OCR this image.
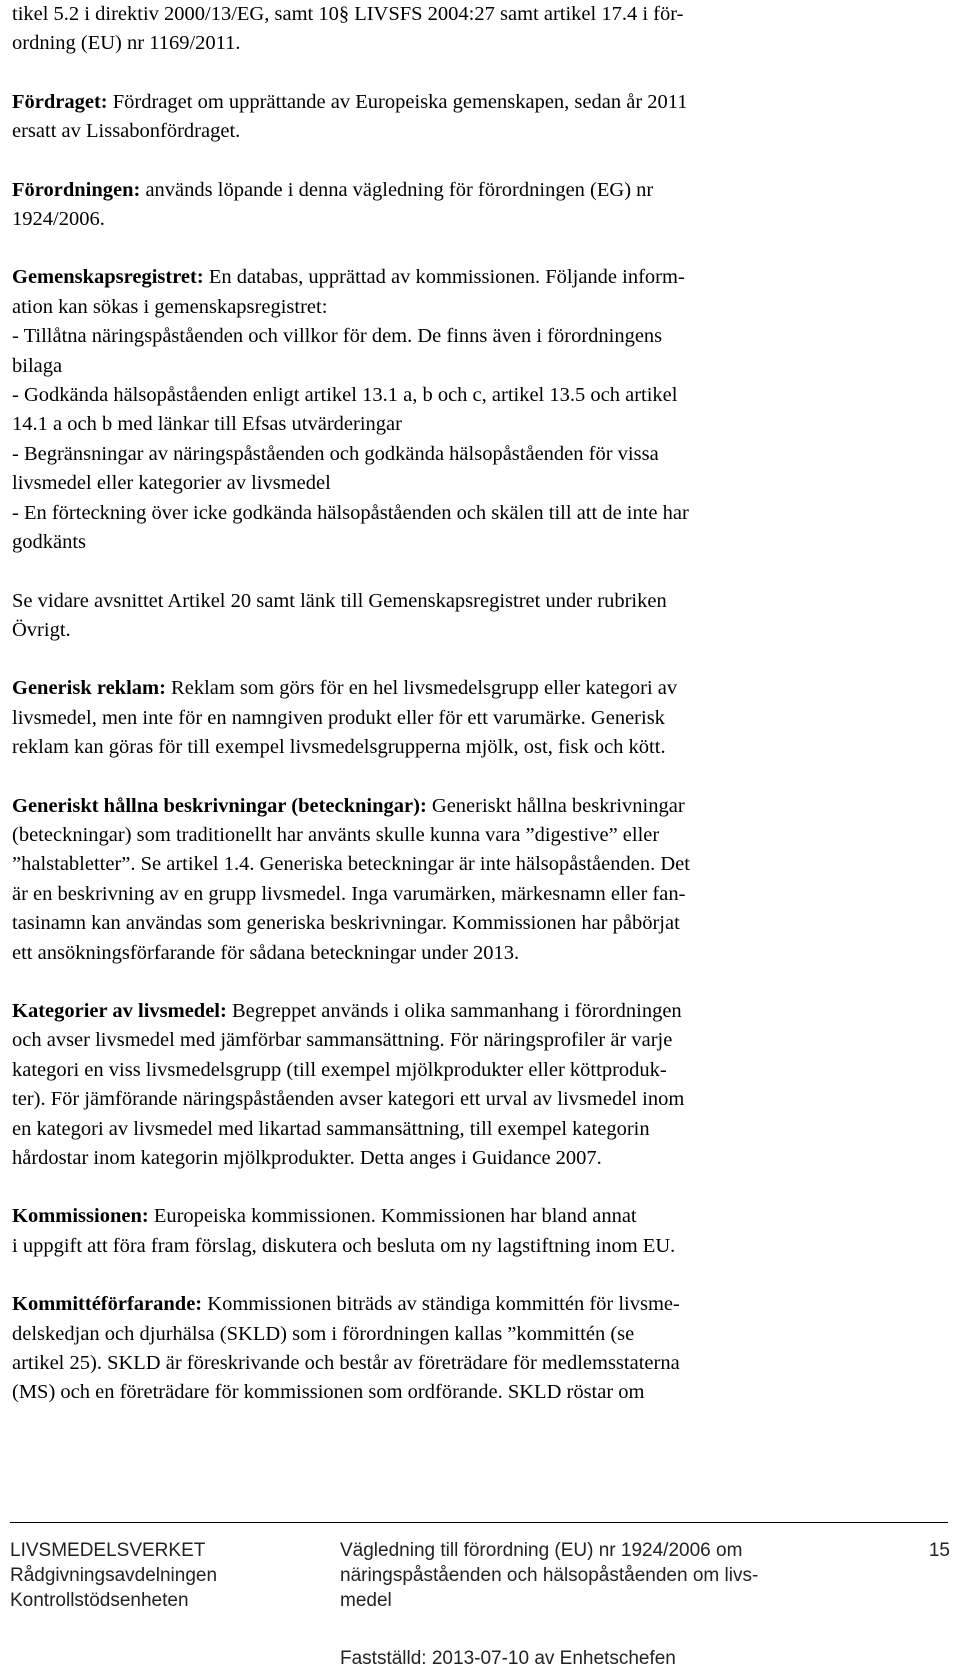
tikel 5.2 i direktiv 2000/13/EG, samt 10§ LIVSFS 2004:27 samt artikel 17.4 i för-

ordning (EU) nr 1169/2011.

Fördraget: Fördraget om upprättande av Europeiska gemenskapen, sedan år 2011

ersatt av Lissabonfördraget.

Förordningen: används löpande i denna vägledning för förordningen (EG) nr

1924/2006.

Gemenskapsregistret: En databas, upprättad av kommissionen. Följande inform-

ation kan sökas i gemenskapsregistret:

- Tillåtna näringspåståenden och villkor för dem. De finns även i förordningens

bilaga

- Godkända hälsopåståenden enligt artikel 13.1 a, b och c, artikel 13.5 och artikel

14.1 a och b med länkar till Efsas utvärderingar

- Begränsningar av näringspåståenden och godkända hälsopåståenden för vissa

livsmedel eller kategorier av livsmedel

- En förteckning över icke godkända hälsopåståenden och skälen till att de inte har

godkänts

Se vidare avsnittet Artikel 20 samt länk till Gemenskapsregistret under rubriken

Övrigt.

Generisk reklam: Reklam som görs för en hel livsmedelsgrupp eller kategori av

livsmedel, men inte för en namngiven produkt eller för ett varumärke. Generisk

reklam kan göras för till exempel livsmedelsgrupperna mjölk, ost, fisk och kött.

Generiskt hållna beskrivningar (beteckningar): Generiskt hållna beskrivningar

(beteckningar) som traditionellt har använts skulle kunna vara ”digestive” eller

”halstabletter”. Se artikel 1.4. Generiska beteckningar är inte hälsopåståenden. Det

är en beskrivning av en grupp livsmedel. Inga varumärken, märkesnamn eller fan-

tasinamn kan användas som generiska beskrivningar. Kommissionen har påbörjat

ett ansökningsförfarande för sådana beteckningar under 2013.

Kategorier av livsmedel: Begreppet används i olika sammanhang i förordningen

och avser livsmedel med jämförbar sammansättning. För näringsprofiler är varje

kategori en viss livsmedelsgrupp (till exempel mjölkprodukter eller köttproduk-

ter). För jämförande näringspåståenden avser kategori ett urval av livsmedel inom

en kategori av livsmedel med likartad sammansättning, till exempel kategorin

hårdostar inom kategorin mjölkprodukter. Detta anges i Guidance 2007.

Kommissionen: Europeiska kommissionen. Kommissionen har bland annat

i uppgift att föra fram förslag, diskutera och besluta om ny lagstiftning inom EU.

Kommittéförfarande: Kommissionen biträds av ständiga kommittén för livsme-

delskedjan och djurhälsa (SKLD) som i förordningen kallas ”kommittén (se

artikel 25). SKLD är föreskrivande och består av företrädare för medlemsstaterna

(MS) och en företrädare för kommissionen som ordförande. SKLD röstar om

LIVSMEDELSVERKET
Rådgivningsavdelningen
Kontrollstödsenheten
Vägledning till förordning (EU) nr 1924/2006 om
näringspåståenden och hälsopåståenden om livs-
medel
15
Fastställd: 2013-07-10 av Enhetschefen
